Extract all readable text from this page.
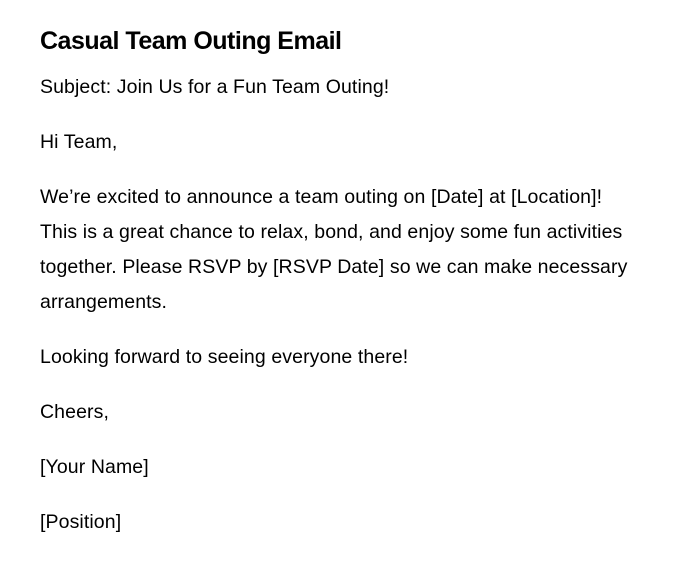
Casual Team Outing Email

Subject: Join Us for a Fun Team Outing!

Hi Team,

We’re excited to announce a team outing on [Date] at [Location]! This is a great chance to relax, bond, and enjoy some fun activities together. Please RSVP by [RSVP Date] so we can make necessary arrangements.

Looking forward to seeing everyone there!

Cheers,

[Your Name]

[Position]
